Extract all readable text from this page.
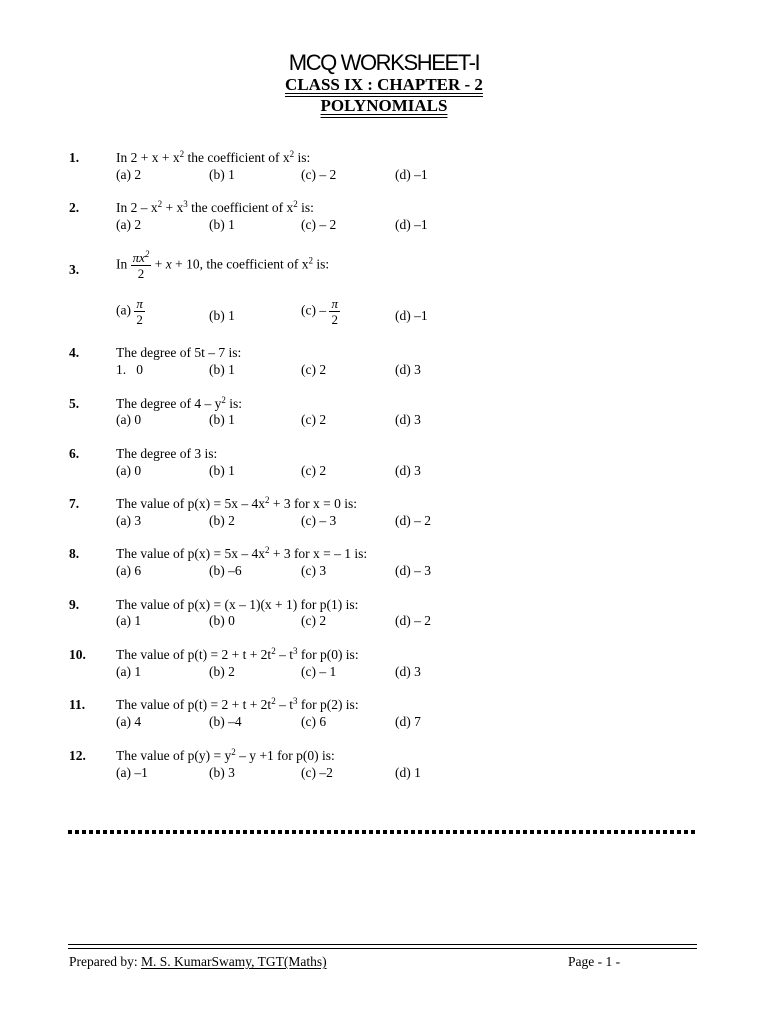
MCQ WORKSHEET-I
CLASS IX : CHAPTER - 2
POLYNOMIALS
1.	In $2 + x + x^2$ the coefficient of $x^2$ is:
(a) 2	(b) 1	(c) – 2	(d) –1
2.	In $2 - x^2 + x^3$ the coefficient of $x^2$ is:
(a) 2	(b) 1	(c) – 2	(d) –1
3.	In $\frac{\pi x^2}{2} + x + 10$, the coefficient of $x^2$ is:
$(a) \frac{\pi}{2}$	(b) 1	$(c) - \frac{\pi}{2}$	(d) –1
4.	The degree of 5t – 7 is:
1.   0	(b) 1	(c) 2	(d) 3
5.	The degree of $4 - y^2$ is:
(a) 0	(b) 1	(c) 2	(d) 3
6.	The degree of 3 is:
(a) 0	(b) 1	(c) 2	(d) 3
7.	The value of $p(x) = 5x - 4x^2 + 3$ for x = 0 is:
(a) 3	(b) 2	(c) – 3	(d) – 2
8.	The value of $p(x) = 5x - 4x^2 + 3$ for x = – 1 is:
(a) 6	(b) –6	(c) 3	(d) – 3
9.	The value of p(x) = (x – 1)(x + 1) for p(1) is:
(a) 1	(b) 0	(c) 2	(d) – 2
10. The value of $p(t) = 2 + t + 2t^2 - t^3$ for p(0) is:
(a) 1	(b) 2	(c) – 1	(d) 3
11. The value of $p(t) = 2 + t + 2t^2 - t^3$ for p(2) is:
(a) 4	(b) –4	(c) 6	(d) 7
12. The value of $p(y) = y^2 - y +1$ for p(0) is:
(a) –1	(b) 3	(c) –2	(d) 1
Prepared by: M. S. KumarSwamy, TGT(Maths)	Page - 1 -
